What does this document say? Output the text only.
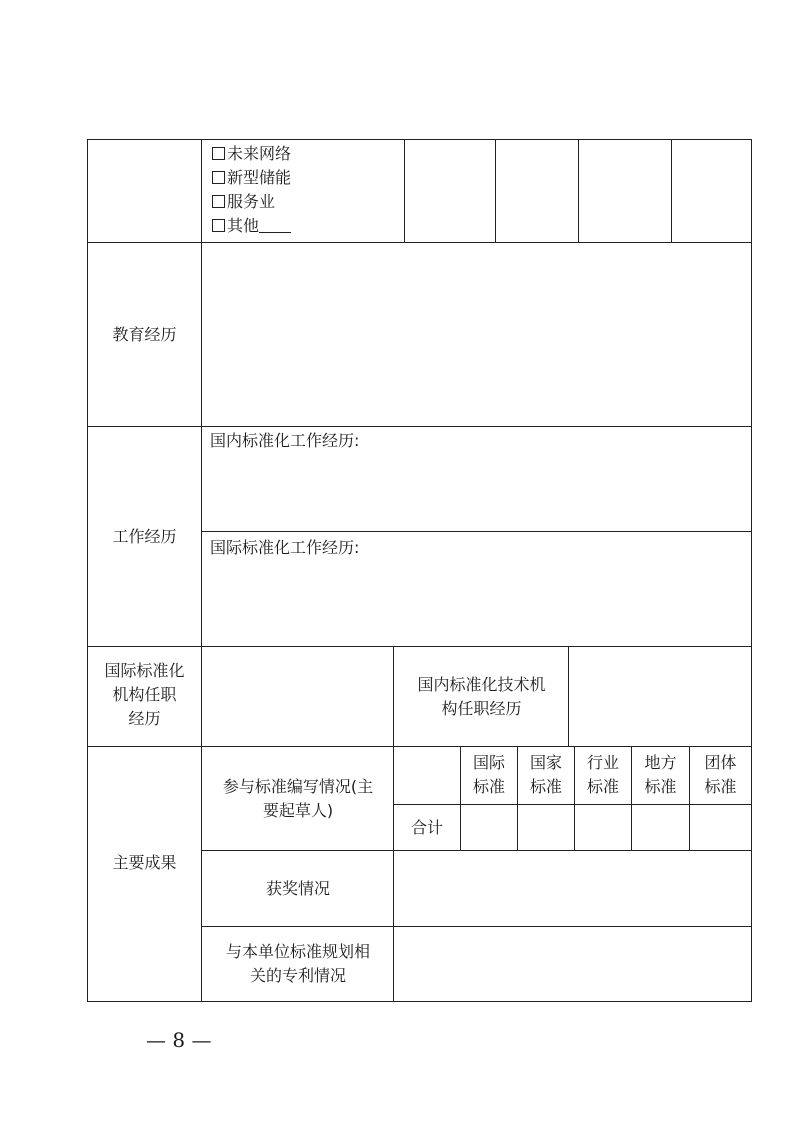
未来网络
新型储能
服务业
其他
教育经历
工作经历
国内标准化工作经历:
国际标准化工作经历:
国际标准化
机构任职
经历
国内标准化技术机
构任职经历
主要成果
参与标准编写情况(主
要起草人)
国际
标准
国家
标准
行业
标准
地方
标准
团体
标准
合计
获奖情况
与本单位标准规划相
关的专利情况
— 8 —
